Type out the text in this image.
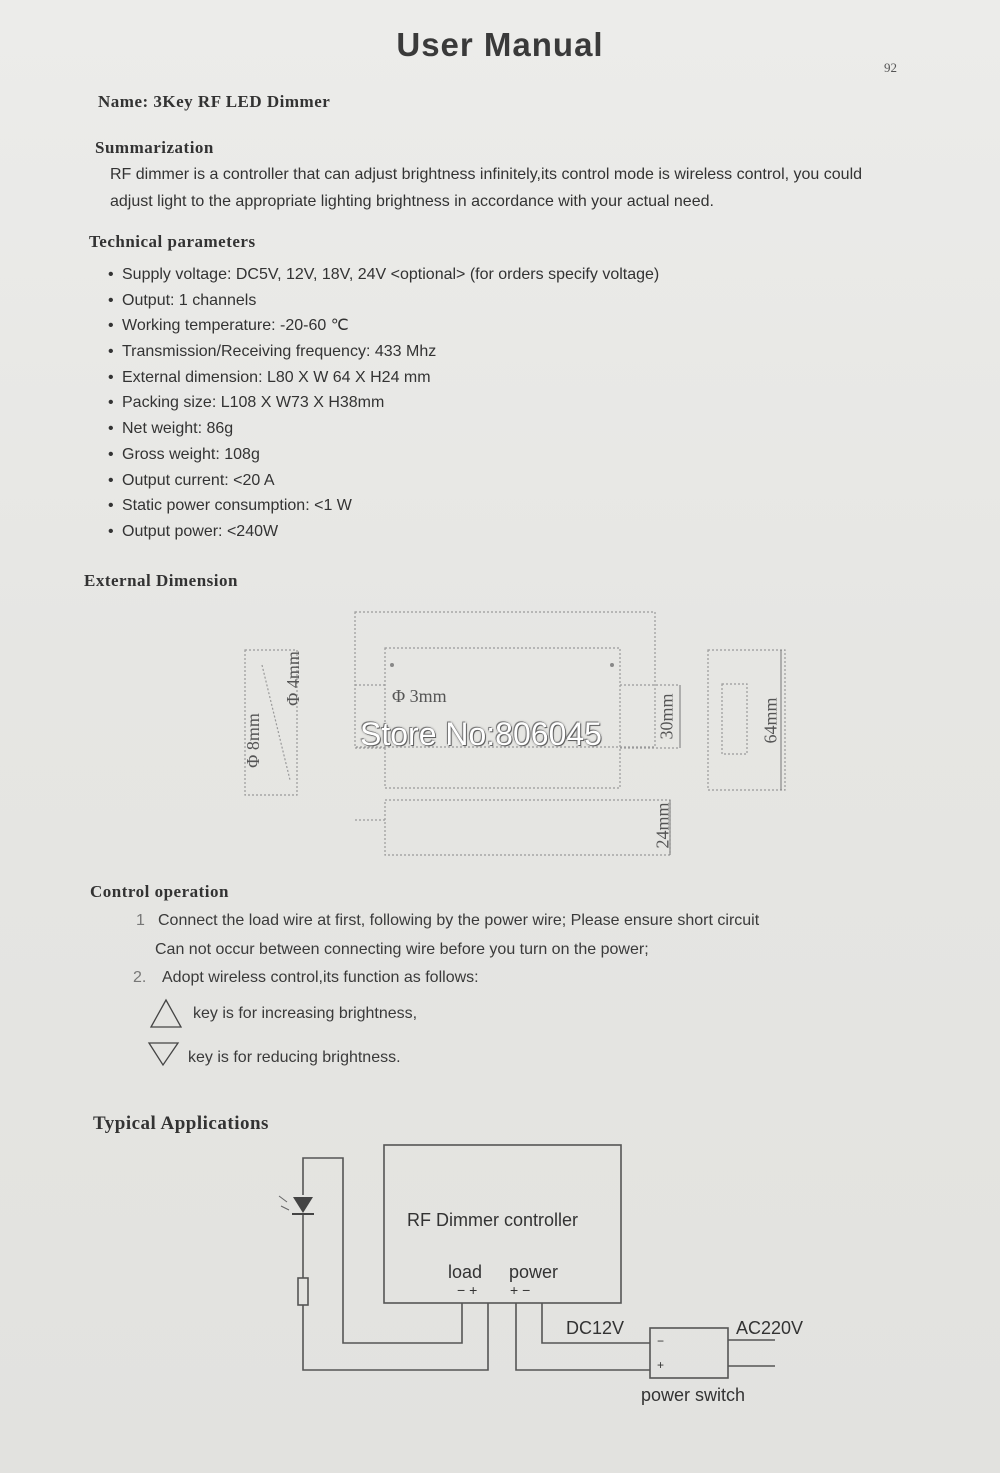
User Manual
92
Name: 3Key RF LED Dimmer
Summarization
RF dimmer is a controller that can adjust brightness infinitely,its control mode is wireless control, you could
adjust light to the appropriate lighting brightness in accordance with your actual need.
Technical parameters
• Supply voltage: DC5V, 12V, 18V, 24V <optional> (for orders specify voltage)
• Output: 1 channels
• Working temperature: -20-60 ℃
• Transmission/Receiving frequency: 433 Mhz
• External dimension: L80 X W 64 X H24 mm
• Packing size: L108 X W73 X H38mm
• Net weight: 86g
• Gross weight: 108g
• Output current: <20 A
• Static power consumption: <1 W
• Output power: <240W
External Dimension
Φ 4mm
Φ 8mm
Φ 3mm	30mm	64mm
24mm
Store No:806045
Control operation
1 Connect the load wire at first, following by the power wire; Please ensure short circuit
Can not occur between connecting wire before you turn on the power;
2. Adopt wireless control,its function as follows:
key is for increasing brightness,
key is for reducing brightness.
Typical Applications
RF Dimmer controller
load power
− + + −
DC12V	AC220V
−
+
power switch
